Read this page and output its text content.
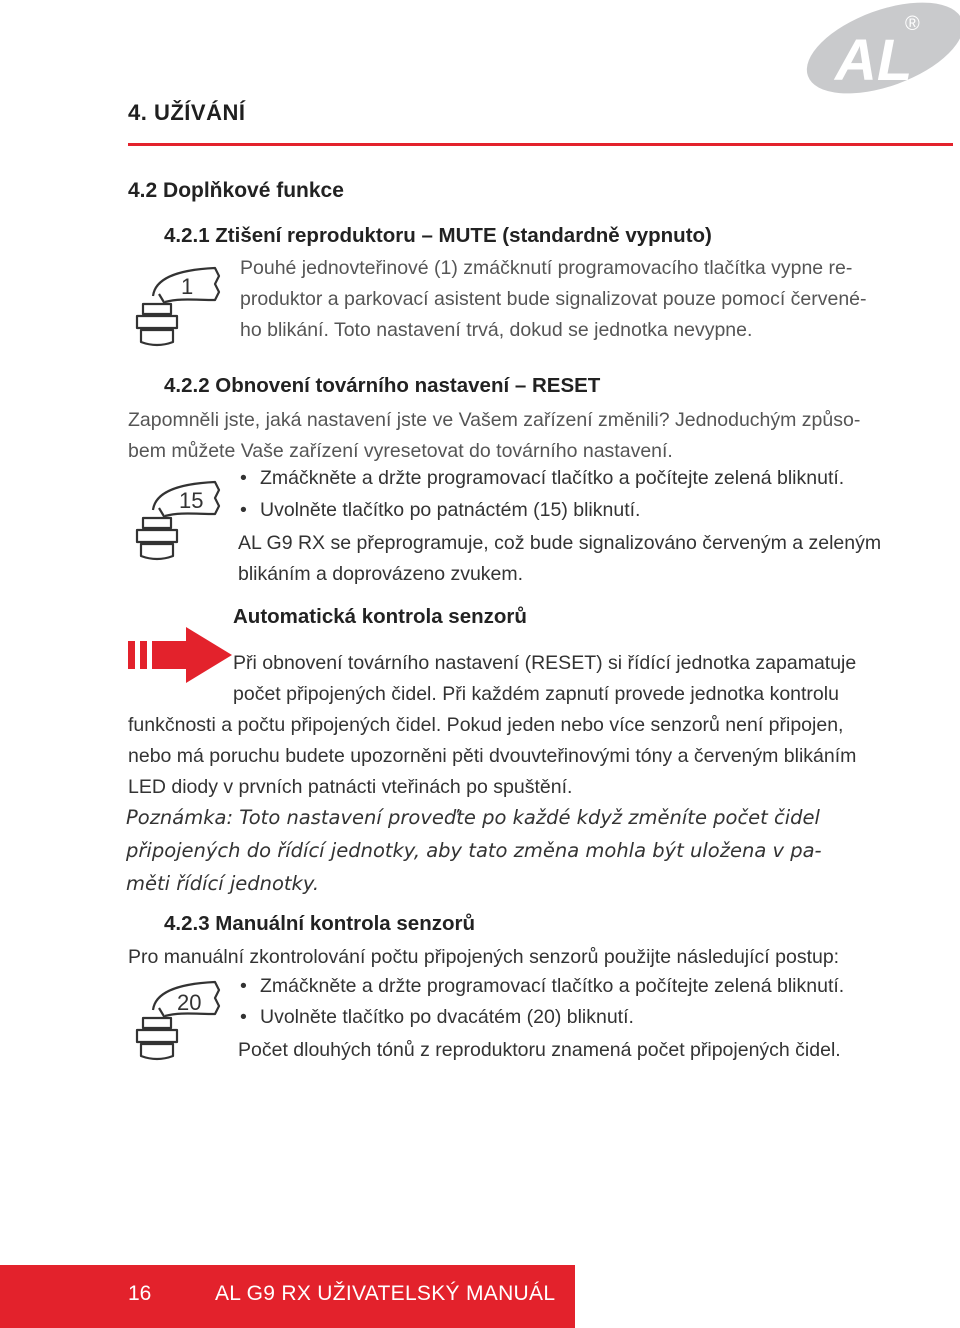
AL
®
4. UŽÍVÁNÍ
4.2 Doplňkové funkce
4.2.1 Ztišení reproduktoru – MUTE (standardně vypnuto)

Pouhé jednovteřinové (1) zmáčknutí programovacího tlačítka vypne re-

produktor a parkovací asistent bude signalizovat pouze pomocí červené-

ho blikání. Toto nastavení trvá, dokud se jednotka nevypne.

1
4.2.2 Obnovení továrního nastavení – RESET

Zapomněli jste, jaká nastavení jste ve Vašem zařízení změnili? Jednoduchým způso-

bem můžete Vaše zařízení vyresetovat do továrního nastavení.

• Zmáčkněte a držte programovací tlačítko a počítejte zelená bliknutí.

• Uvolněte tlačítko po patnáctém (15) bliknutí.

AL G9 RX se přeprogramuje, což bude signalizováno červeným a zeleným

blikáním a doprovázeno zvukem.

15
Automatická kontrola senzorů

Při obnovení továrního nastavení (RESET) si řídící jednotka zapamatuje

počet připojených čidel. Při každém zapnutí provede jednotka kontrolu

funkčnosti a počtu připojených čidel. Pokud jeden nebo více senzorů není připojen,

nebo má poruchu budete upozorněni pěti dvouvteřinovými tóny a červeným blikáním

LED diody v prvních patnácti vteřinách po spuštění.

Poznámka: Toto nastavení proveďte po každé když změníte počet čidel

připojených do řídící jednotky, aby tato změna mohla být uložena v pa-

měti řídící jednotky.

4.2.3 Manuální kontrola senzorů

Pro manuální zkontrolování počtu připojených senzorů použijte následující postup:

• Zmáčkněte a držte programovací tlačítko a počítejte zelená bliknutí.

• Uvolněte tlačítko po dvacátém (20) bliknutí.

Počet dlouhých tónů z reproduktoru znamená počet připojených čidel.

20
16	AL G9 RX UŽIVATELSKÝ MANUÁL
